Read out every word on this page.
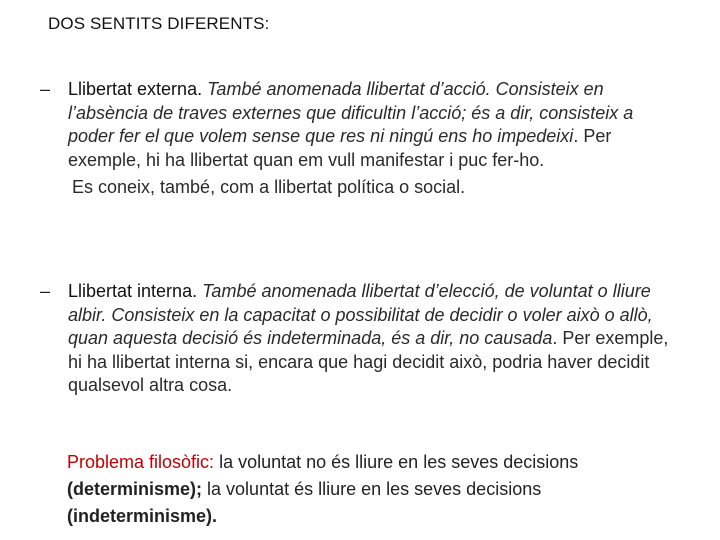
DOS SENTITS DIFERENTS:
– Llibertat externa. També anomenada llibertat d’acció. Consisteix en l’absència de traves externes que dificultin l’acció; és a dir, consisteix a poder fer el que volem sense que res ni ningú ens ho impedeixi. Per exemple, hi ha llibertat quan em vull manifestar i puc fer-ho.
Es coneix, també, com a llibertat política o social.
– Llibertat interna. També anomenada llibertat d’elecció, de voluntat o lliure albir. Consisteix en la capacitat o possibilitat de decidir o voler això o allò, quan aquesta decisió és indeterminada, és a dir, no causada. Per exemple, hi ha llibertat interna si, encara que hagi decidit això, podria haver decidit qualsevol altra cosa.
Problema filosòfic: la voluntat no és lliure en les seves decisions (determinisme); la voluntat és lliure en les seves decisions (indeterminisme).
